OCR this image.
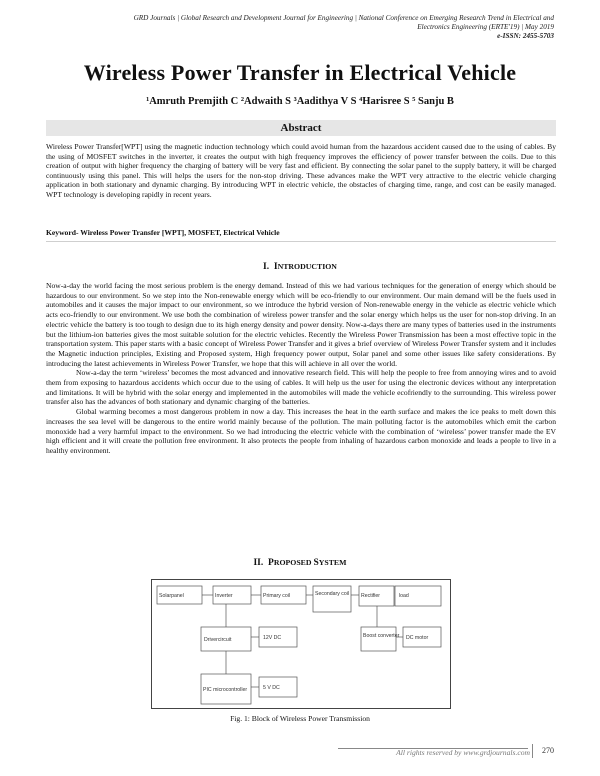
GRD Journals | Global Research and Development Journal for Engineering | National Conference on Emerging Research Trend in Electrical and
Electronics Engineering (ERTE'19) | May 2019
e-ISSN: 2455-5703
Wireless Power Transfer in Electrical Vehicle
¹Amruth Premjith C ²Adwaith S ³Aadithya V S ⁴Harisree S ⁵ Sanju B
Abstract
Wireless Power Transfer[WPT] using the magnetic induction technology which could avoid human from the hazardous accident caused due to the using of cables. By the using of MOSFET switches in the inverter, it creates the output with high frequency improves the efficiency of power transfer between the coils. Due to this creation of output with higher frequency the charging of battery will be very fast and efficient. By connecting the solar panel to the supply battery, it will be charged continuously using this panel. This will helps the users for the non-stop driving. These advances make the WPT very attractive to the electric vehicle charging application in both stationary and dynamic charging. By introducing WPT in electric vehicle, the obstacles of charging time, range, and cost can be easily managed. WPT technology is developing rapidly in recent years.
Keyword- Wireless Power Transfer [WPT], MOSFET, Electrical Vehicle
I. INTRODUCTION

Now-a-day the world facing the most serious problem is the energy demand. Instead of this we had various techniques for the generation of energy which should be hazardous to our environment. So we step into the Non-renewable energy which will be eco-friendly to our environment. Our main demand will be the fuels used in automobiles and it causes the major impact to our environment, so we introduce the hybrid version of Non-renewable energy in the vehicle as electric vehicle which acts eco-friendly to our environment. We use both the combination of wireless power transfer and the solar energy which helps us the user for non-stop driving. In an electric vehicle the battery is too tough to design due to its high energy density and power density. Now-a-days there are many types of batteries used in the instruments but the lithium-ion batteries gives the most suitable solution for the electric vehicles. Recently the Wireless Power Transmission has been a most effective topic in the transportation system. This paper starts with a basic concept of Wireless Power Transfer and it gives a brief overview of Wireless Power Transfer system and it includes the Magnetic induction principles, Existing and Proposed system, High frequency power output, Solar panel and some other issues like safety considerations. By introducing the latest achievements in Wireless Power Transfer, we hope that this will achieve in all over the world.

Now-a-day the term ‘wireless’ becomes the most advanced and innovative research field. This will help the people to free from annoying wires and to avoid them from exposing to hazardous accidents which occur due to the using of cables. It will help us the user for using the electronic devices without any interpretation and limitations. It will be hybrid with the solar energy and implemented in the automobiles will made the vehicle ecofriendly to the surrounding. This wireless power transfer also has the advances of both stationary and dynamic charging of the batteries.

Global warming becomes a most dangerous problem in now a day. This increases the heat in the earth surface and makes the ice peaks to melt down this increases the sea level will be dangerous to the entire world mainly because of the pollution. The main polluting factor is the automobiles which emit the carbon monoxide had a very harmful impact to the environment. So we had introducing the electric vehicle with the combination of ‘wireless’ power transfer made the EV high efficient and it will create the pollution free environment. It also protects the people from inhaling of hazardous carbon monoxide and leads a people to live in a healthy environment.

II. PROPOSED SYSTEM
Solarpanel	Inverter	Primary coil	Secondary coil Rectifier	load
Drivercircuit	12V DC	Boost converter DC motor
PIC microcontroller	5 V DC
Fig. 1: Block of Wireless Power Transmission
All rights reserved by www.grdjournals.com	270
